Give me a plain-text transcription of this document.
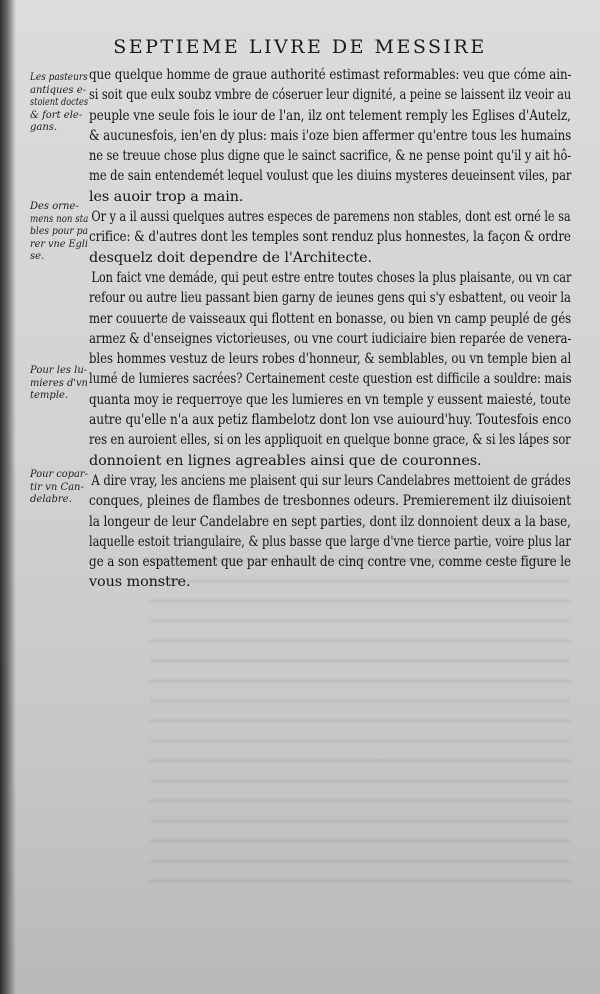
SEPTIEME LIVRE DE MESSIRE
Les pasteurs
antiques e-
stoient doctes
& fort ele-
gans.
Des orne-
mens non sta
bles pour pa
rer vne Egli
se.
Pour les lu-
mieres d'vn
temple.
Pour copar-
tir vn Can-
delabre.
que quelque homme de graue authorité estimast reformables: veu que cóme ain-
si soit que eulx soubz vmbre de cóseruer leur dignité, a peine se laissent ilz veoir au
peuple vne seule fois le iour de l'an, ilz ont telement remply les Eglises d'Autelz,
& aucunesfois, ien'en dy plus: mais i'oze bien affermer qu'entre tous les humains
ne se treuue chose plus digne que le sainct sacrifice, & ne pense point qu'il y ait hô-
me de sain entendemét lequel voulust que les diuins mysteres deueinsent viles, par
les auoir trop a main.
Or y a il aussi quelques autres especes de paremens non stables, dont est orné le sa
crifice: & d'autres dont les temples sont renduz plus honnestes, la façon & ordre
desquelz doit dependre de l'Architecte.
Lon faict vne demáde, qui peut estre entre toutes choses la plus plaisante, ou vn car
refour ou autre lieu passant bien garny de ieunes gens qui s'y esbattent, ou veoir la
mer couuerte de vaisseaux qui flottent en bonasse, ou bien vn camp peuplé de gés
armez & d'enseignes victorieuses, ou vne court iudiciaire bien reparée de venera-
bles hommes vestuz de leurs robes d'honneur, & semblables, ou vn temple bien al
lumé de lumieres sacrées? Certainement ceste question est difficile a souldre: mais
quanta moy ie requerroye que les lumieres en vn temple y eussent maiesté, toute
autre qu'elle n'a aux petiz flambelotz dont lon vse auiourd'huy. Toutesfois enco
res en auroient elles, si on les appliquoit en quelque bonne grace, & si les lápes sor
donnoient en lignes agreables ainsi que de couronnes.
A dire vray, les anciens me plaisent qui sur leurs Candelabres mettoient de grádes
conques, pleines de flambes de tresbonnes odeurs. Premierement ilz diuisoient
la longeur de leur Candelabre en sept parties, dont ilz donnoient deux a la base,
laquelle estoit triangulaire, & plus basse que large d'vne tierce partie, voire plus lar
ge a son espattement que par enhault de cinq contre vne, comme ceste figure le
vous monstre.
